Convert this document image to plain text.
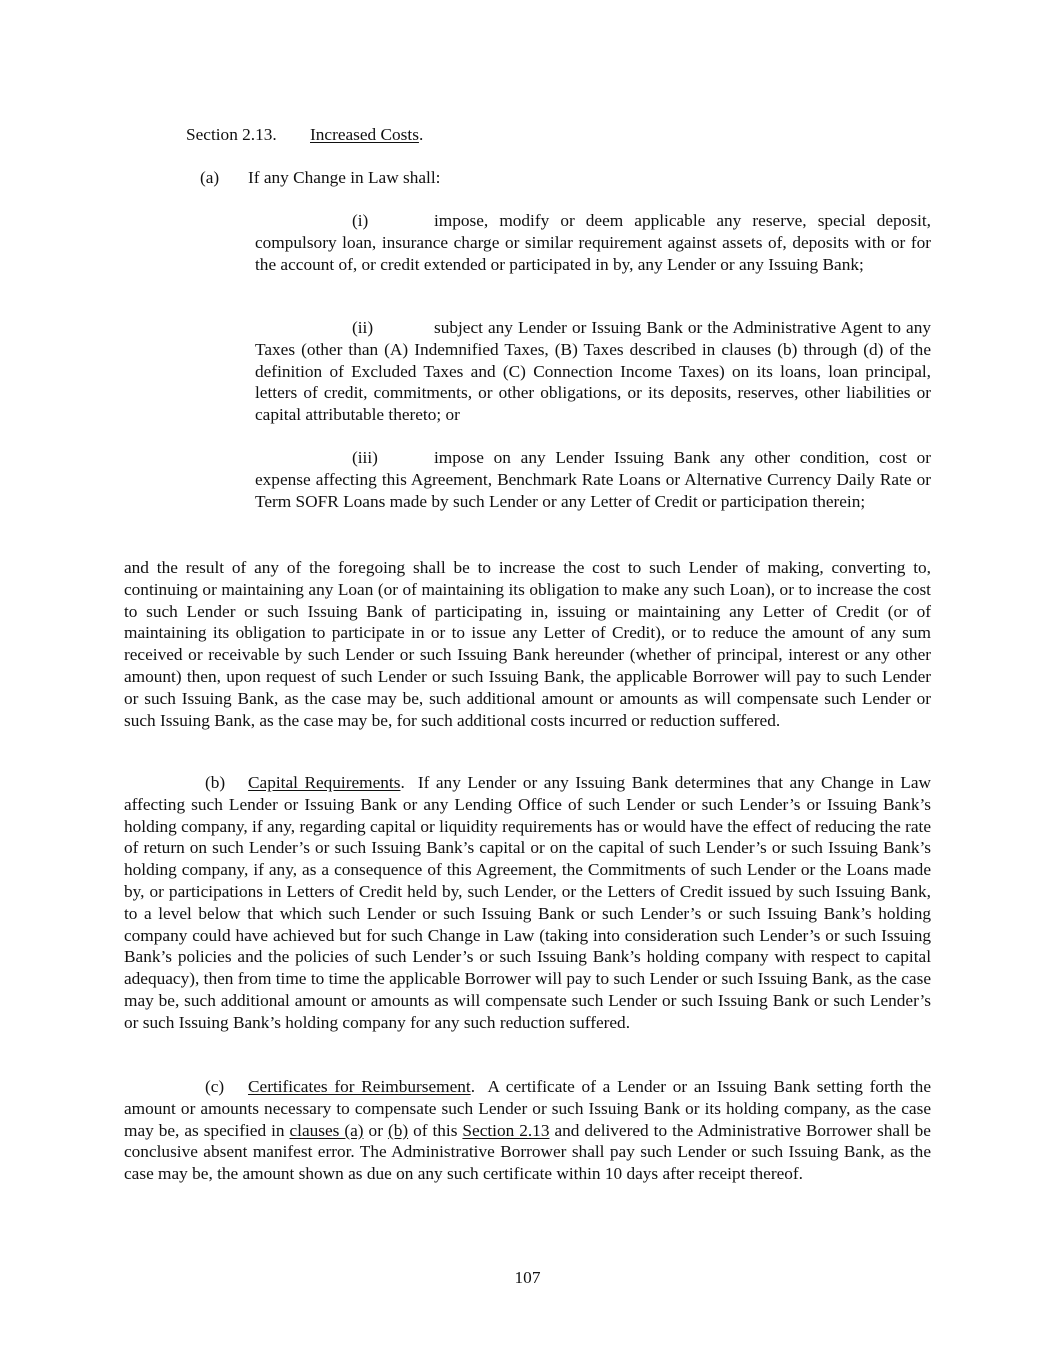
Section 2.13. Increased Costs.
(a) If any Change in Law shall:

(i)	impose, modify or deem applicable any reserve, special deposit, compulsory loan, insurance charge or similar requirement against assets of, deposits with or for the account of, or credit extended or participated in by, any Lender or any Issuing Bank;

(ii)	subject any Lender or Issuing Bank or the Administrative Agent to any Taxes (other than (A) Indemnified Taxes, (B) Taxes described in clauses (b) through (d) of the definition of Excluded Taxes and (C) Connection Income Taxes) on its loans, loan principal, letters of credit, commitments, or other obligations, or its deposits, reserves, other liabilities or capital attributable thereto; or

(iii)	impose on any Lender Issuing Bank any other condition, cost or expense affecting this Agreement, Benchmark Rate Loans or Alternative Currency Daily Rate or Term SOFR Loans made by such Lender or any Letter of Credit or participation therein;

and the result of any of the foregoing shall be to increase the cost to such Lender of making, converting to, continuing or maintaining any Loan (or of maintaining its obligation to make any such Loan), or to increase the cost to such Lender or such Issuing Bank of participating in, issuing or maintaining any Letter of Credit (or of maintaining its obligation to participate in or to issue any Letter of Credit), or to reduce the amount of any sum received or receivable by such Lender or such Issuing Bank hereunder (whether of principal, interest or any other amount) then, upon request of such Lender or such Issuing Bank, the applicable Borrower will pay to such Lender or such Issuing Bank, as the case may be, such additional amount or amounts as will compensate such Lender or such Issuing Bank, as the case may be, for such additional costs incurred or reduction suffered.

(b) Capital Requirements. If any Lender or any Issuing Bank determines that any Change in Law affecting such Lender or Issuing Bank or any Lending Office of such Lender or such Lender’s or Issuing Bank’s holding company, if any, regarding capital or liquidity requirements has or would have the effect of reducing the rate of return on such Lender’s or such Issuing Bank’s capital or on the capital of such Lender’s or such Issuing Bank’s holding company, if any, as a consequence of this Agreement, the Commitments of such Lender or the Loans made by, or participations in Letters of Credit held by, such Lender, or the Letters of Credit issued by such Issuing Bank, to a level below that which such Lender or such Issuing Bank or such Lender’s or such Issuing Bank’s holding company could have achieved but for such Change in Law (taking into consideration such Lender’s or such Issuing Bank’s policies and the policies of such Lender’s or such Issuing Bank’s holding company with respect to capital adequacy), then from time to time the applicable Borrower will pay to such Lender or such Issuing Bank, as the case may be, such additional amount or amounts as will compensate such Lender or such Issuing Bank or such Lender’s or such Issuing Bank’s holding company for any such reduction suffered.

(c) Certificates for Reimbursement. A certificate of a Lender or an Issuing Bank setting forth the amount or amounts necessary to compensate such Lender or such Issuing Bank or its holding company, as the case may be, as specified in clauses (a) or (b) of this Section 2.13 and delivered to the Administrative Borrower shall be conclusive absent manifest error. The Administrative Borrower shall pay such Lender or such Issuing Bank, as the case may be, the amount shown as due on any such certificate within 10 days after receipt thereof.

107
